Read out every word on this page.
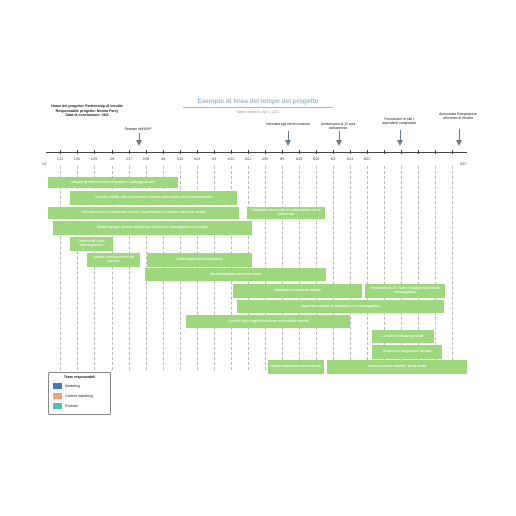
Nome del progetto: Partnership di vendite
Responsabile progetto: Norma Parry
Data di conclusione: 26/4
Esempio di linea del tempo del progetto
Martin Sneddow | Apr 1, 2021
Release dell'MVP
Intervista agli utenti concluse	Anniversario di 10 anni dall'azienda
Formazione di tutti i dipendenti completata
Annunciata l'integrazione all'evento di vendita
1/2	5/27
1/11	1/20	1/29	2/8	2/17	2/26	3/6	3/15	3/24	4/3	4/12	4/21	4/30	5/9	5/18	5/26	6/3	6/13	6/22
Mappati gli elementi della campagna e i passaggi ad essi
Concetto iniziale sulla concorrenza e stabilire parte chiave per il posizionamento
Sotto-elenco per la partnership con tutti i rappresentanti di vendita e direzione vendite	Pubblicato elenco sullo la collaborazione con la partnership
Stabilire gruppo di tester affidabili per feedback e messaggistica sul prodotto
Determinati i costi dell'integrazione
Lanciato una nuova beta del prodotto	Scritta pagina delle integrazioni
Raccolti feedback interni ed esterni
Materiale di formazione ultimato	Formazione di CS, Sales e Support sulla nuova messaggistica
Aggiornati materiali di marketing con la messaggistica
Corretti i bug in seguito sulla base dei feedback raccolti
Lanciato la release generale
Annuncio di integrazione ultimato
Avviata distribuzione sul contenuto	Lancio promosso d'ambiti / social media
Team responsabili
Marketing
Content marketing
Prodotto
